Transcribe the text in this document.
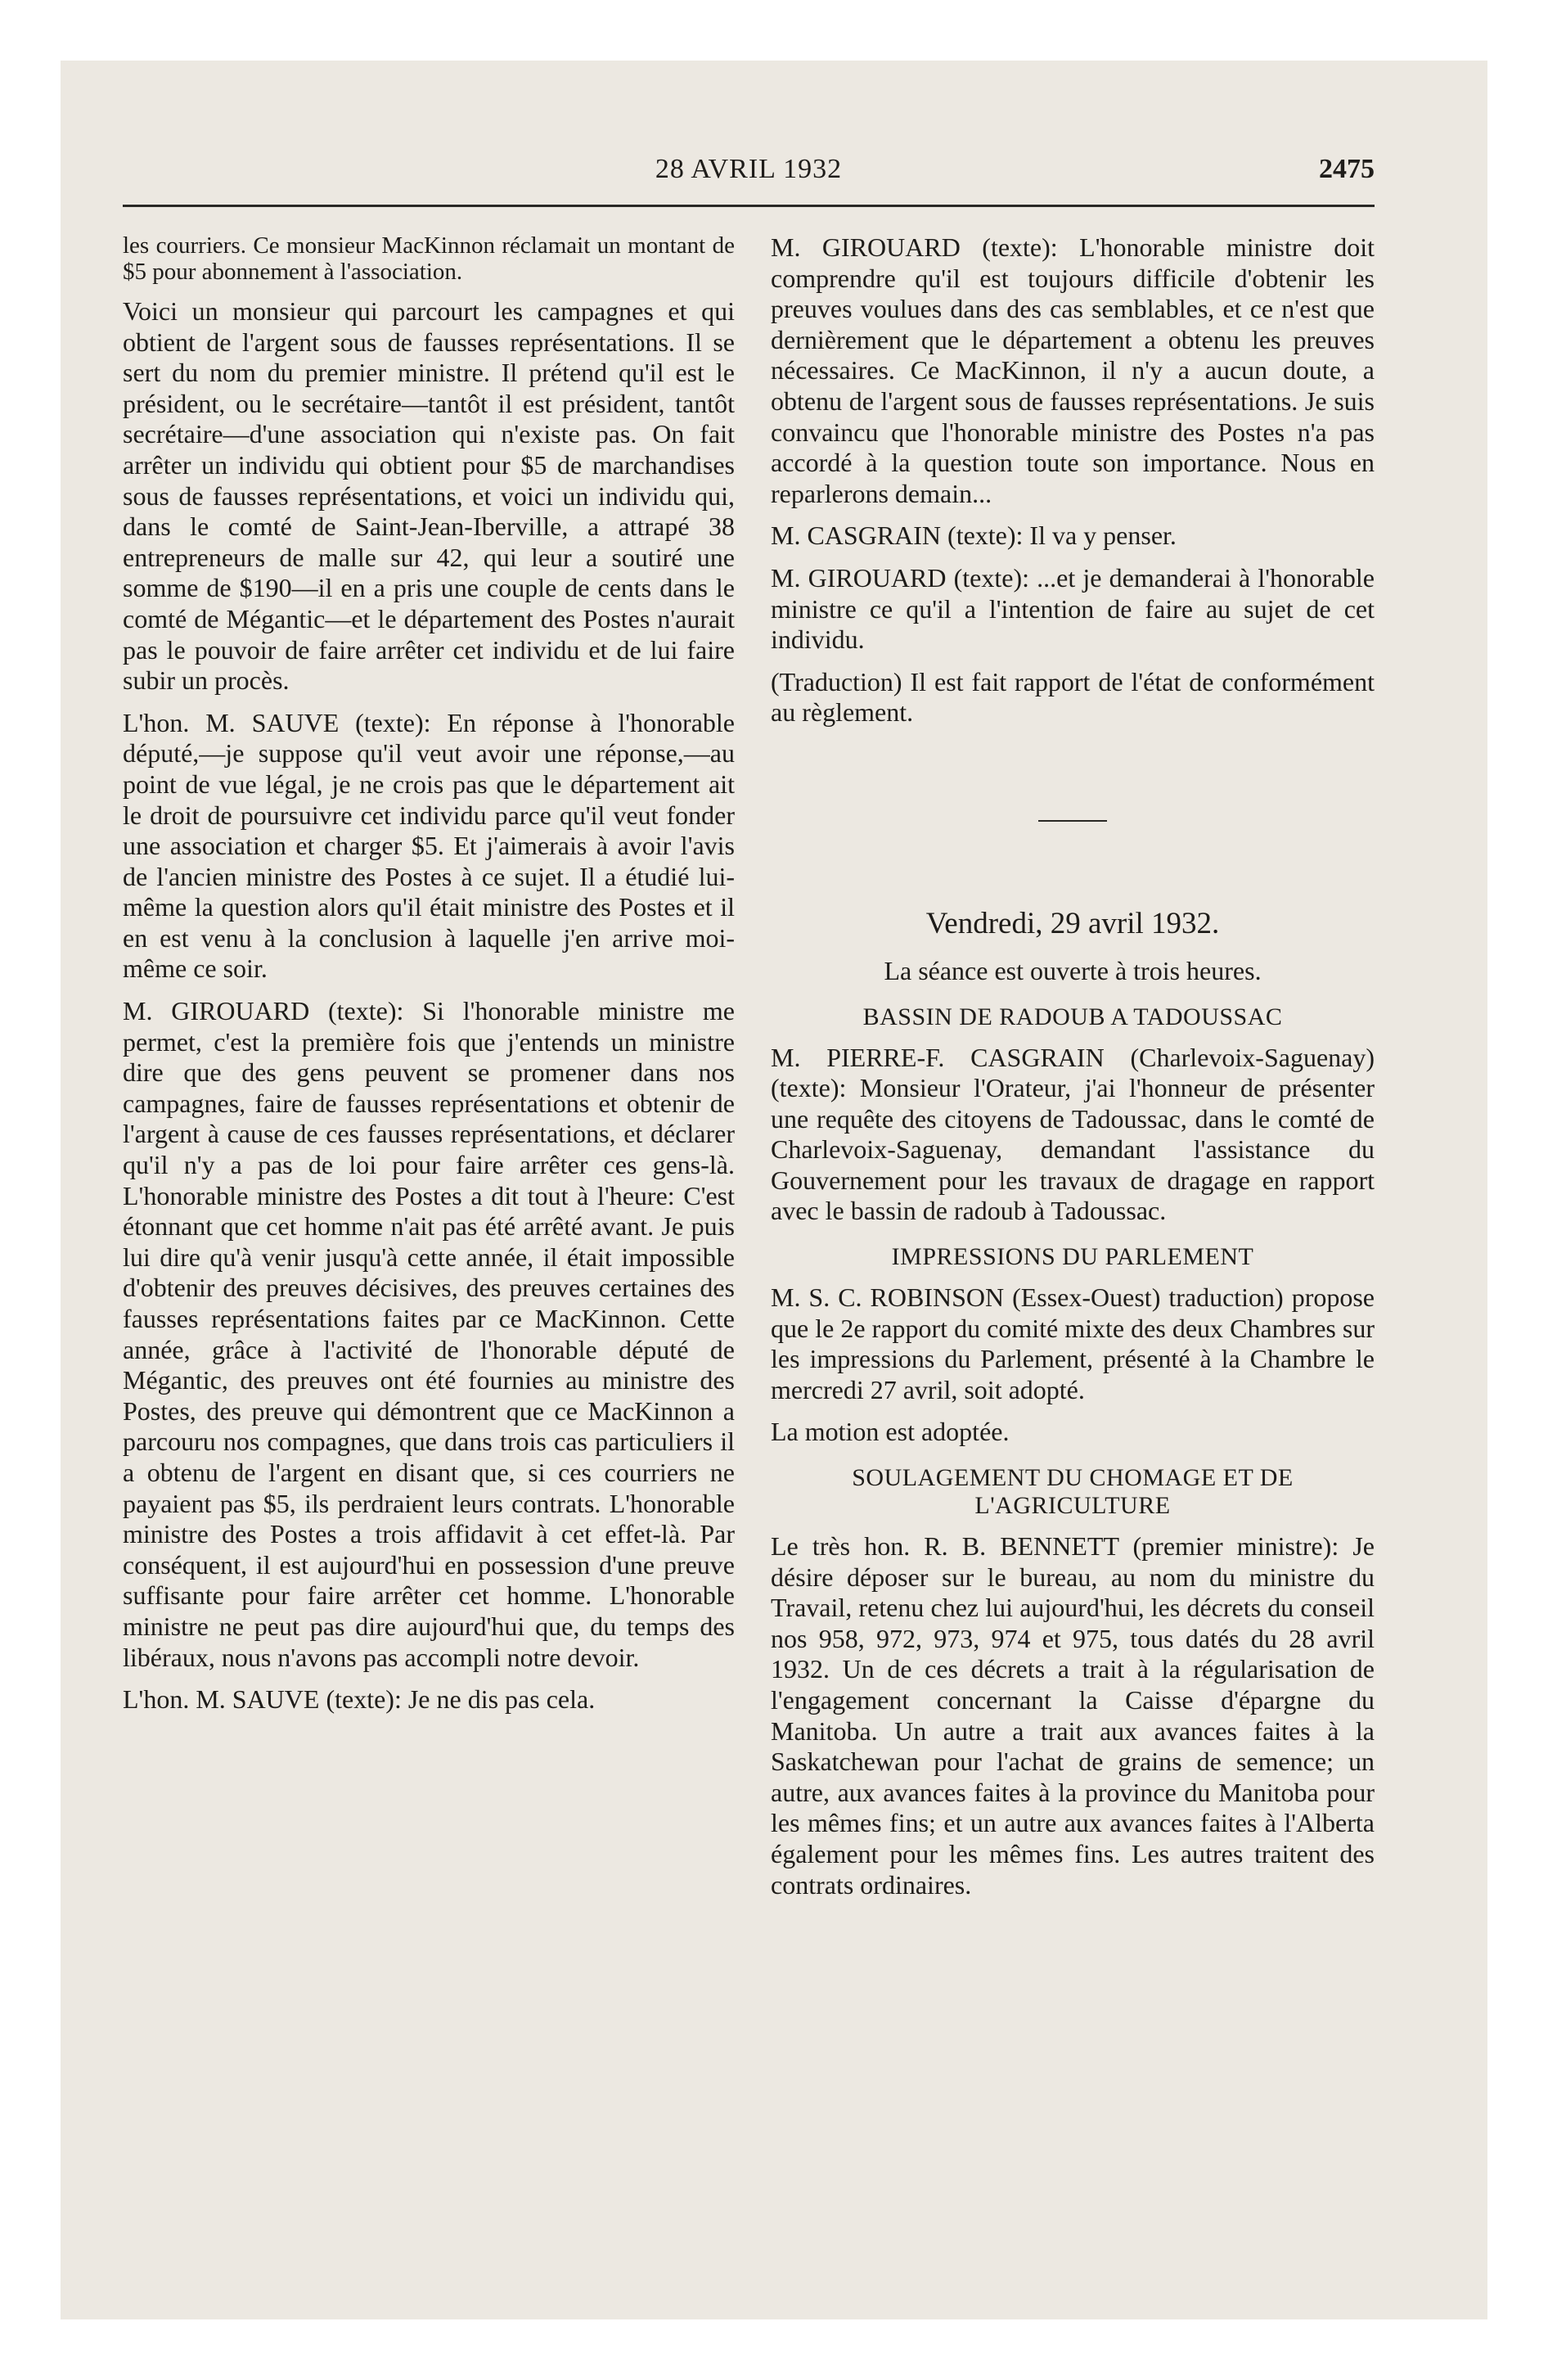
28 AVRIL 1932	2475

les courriers. Ce monsieur MacKinnon réclamait un montant de $5 pour abonnement à l'association.

Voici un monsieur qui parcourt les campagnes et qui obtient de l'argent sous de fausses représentations. Il se sert du nom du premier ministre. Il prétend qu'il est le président, ou le secrétaire—tantôt il est président, tantôt secrétaire—d'une association qui n'existe pas. On fait arrêter un individu qui obtient pour $5 de marchandises sous de fausses représentations, et voici un individu qui, dans le comté de Saint-Jean-Iberville, a attrapé 38 entrepreneurs de malle sur 42, qui leur a soutiré une somme de $190—il en a pris une couple de cents dans le comté de Mégantic—et le département des Postes n'aurait pas le pouvoir de faire arrêter cet individu et de lui faire subir un procès.

L'hon. M. SAUVE (texte): En réponse à l'honorable député,—je suppose qu'il veut avoir une réponse,—au point de vue légal, je ne crois pas que le département ait le droit de poursuivre cet individu parce qu'il veut fonder une association et charger $5. Et j'aimerais à avoir l'avis de l'ancien ministre des Postes à ce sujet. Il a étudié lui-même la question alors qu'il était ministre des Postes et il en est venu à la conclusion à laquelle j'en arrive moi-même ce soir.

M. GIROUARD (texte): Si l'honorable ministre me permet, c'est la première fois que j'entends un ministre dire que des gens peuvent se promener dans nos campagnes, faire de fausses représentations et obtenir de l'argent à cause de ces fausses représentations, et déclarer qu'il n'y a pas de loi pour faire arrêter ces gens-là. L'honorable ministre des Postes a dit tout à l'heure: C'est étonnant que cet homme n'ait pas été arrêté avant. Je puis lui dire qu'à venir jusqu'à cette année, il était impossible d'obtenir des preuves décisives, des preuves certaines des fausses représentations faites par ce MacKinnon. Cette année, grâce à l'activité de l'honorable député de Mégantic, des preuves ont été fournies au ministre des Postes, des preuve qui démontrent que ce MacKinnon a parcouru nos compagnes, que dans trois cas particuliers il a obtenu de l'argent en disant que, si ces courriers ne payaient pas $5, ils perdraient leurs contrats. L'honorable ministre des Postes a trois affidavit à cet effet-là. Par conséquent, il est aujourd'hui en possession d'une preuve suffisante pour faire arrêter cet homme. L'honorable ministre ne peut pas dire aujourd'hui que, du temps des libéraux, nous n'avons pas accompli notre devoir.

L'hon. M. SAUVE (texte): Je ne dis pas cela.

M. GIROUARD (texte): L'honorable ministre doit comprendre qu'il est toujours difficile d'obtenir les preuves voulues dans des cas semblables, et ce n'est que dernièrement que le département a obtenu les preuves nécessaires. Ce MacKinnon, il n'y a aucun doute, a obtenu de l'argent sous de fausses représentations. Je suis convaincu que l'honorable ministre des Postes n'a pas accordé à la question toute son importance. Nous en reparlerons demain...

M. CASGRAIN (texte): Il va y penser.

M. GIROUARD (texte): ...et je demanderai à l'honorable ministre ce qu'il a l'intention de faire au sujet de cet individu.

(Traduction) Il est fait rapport de l'état de conformément au règlement.

Vendredi, 29 avril 1932.

La séance est ouverte à trois heures.

BASSIN DE RADOUB A TADOUSSAC

M. PIERRE-F. CASGRAIN (Charlevoix-Saguenay) (texte): Monsieur l'Orateur, j'ai l'honneur de présenter une requête des citoyens de Tadoussac, dans le comté de Charlevoix-Saguenay, demandant l'assistance du Gouvernement pour les travaux de dragage en rapport avec le bassin de radoub à Tadoussac.

IMPRESSIONS DU PARLEMENT

M. S. C. ROBINSON (Essex-Ouest) traduction) propose que le 2e rapport du comité mixte des deux Chambres sur les impressions du Parlement, présenté à la Chambre le mercredi 27 avril, soit adopté.

La motion est adoptée.

SOULAGEMENT DU CHOMAGE ET DE L'AGRICULTURE

Le très hon. R. B. BENNETT (premier ministre): Je désire déposer sur le bureau, au nom du ministre du Travail, retenu chez lui aujourd'hui, les décrets du conseil nos 958, 972, 973, 974 et 975, tous datés du 28 avril 1932. Un de ces décrets a trait à la régularisation de l'engagement concernant la Caisse d'épargne du Manitoba. Un autre a trait aux avances faites à la Saskatchewan pour l'achat de grains de semence; un autre, aux avances faites à la province du Manitoba pour les mêmes fins; et un autre aux avances faites à l'Alberta également pour les mêmes fins. Les autres traitent des contrats ordinaires.
